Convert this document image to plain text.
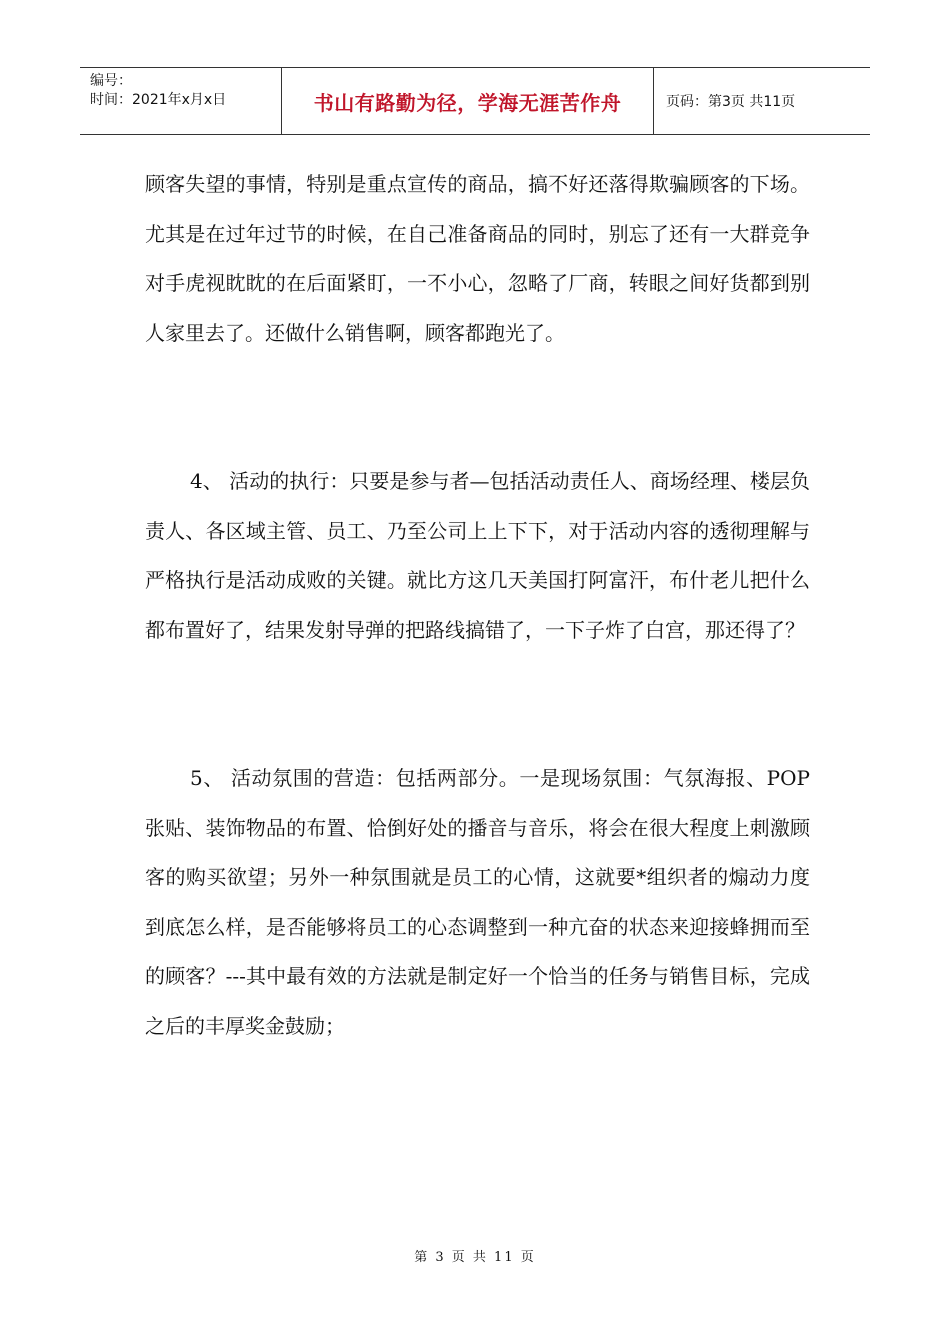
编号：
时间：2021年x月x日	书山有路勤为径，学海无涯苦作舟	页码：第3页 共11页

顾客失望的事情，特别是重点宣传的商品，搞不好还落得欺骗顾客的下场。尤其是在过年过节的时候，在自己准备商品的同时，别忘了还有一大群竞争对手虎视眈眈的在后面紧盯，一不小心，忽略了厂商，转眼之间好货都到别人家里去了。还做什么销售啊，顾客都跑光了。

4、 活动的执行：只要是参与者—包括活动责任人、商场经理、楼层负责人、各区域主管、员工、乃至公司上上下下，对于活动内容的透彻理解与严格执行是活动成败的关键。就比方这几天美国打阿富汗，布什老儿把什么都布置好了，结果发射导弹的把路线搞错了，一下子炸了白宫，那还得了？

5、 活动氛围的营造：包括两部分。一是现场氛围：气氛海报、POP张贴、装饰物品的布置、恰倒好处的播音与音乐，将会在很大程度上刺激顾客的购买欲望；另外一种氛围就是员工的心情，这就要*组织者的煽动力度到底怎么样，是否能够将员工的心态调整到一种亢奋的状态来迎接蜂拥而至的顾客？---其中最有效的方法就是制定好一个恰当的任务与销售目标，完成之后的丰厚奖金鼓励；

第 3 页 共 11 页
